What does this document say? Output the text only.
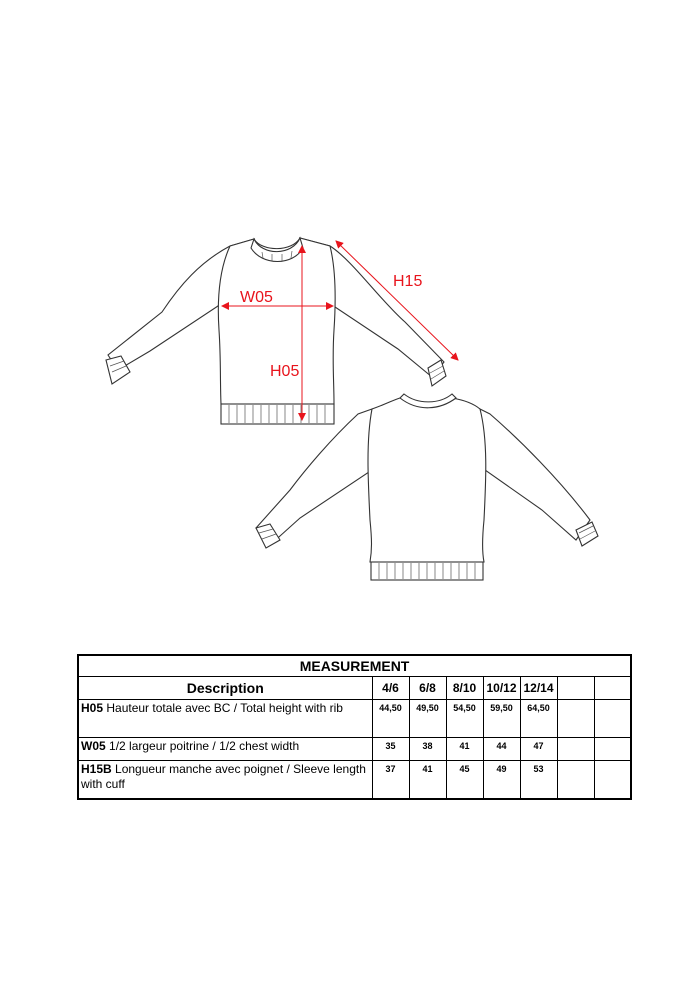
W05
H05
H15
MEASUREMENT							
Description	4/6	6/8	8/10	10/12	12/14		
H05 Hauteur totale avec BC / Total height with rib	44,50	49,50	54,50	59,50	64,50		
W05 1/2 largeur poitrine / 1/2 chest width	35	38	41	44	47		
H15B Longueur manche avec poignet / Sleeve length with cuff	37	41	45	49	53		
